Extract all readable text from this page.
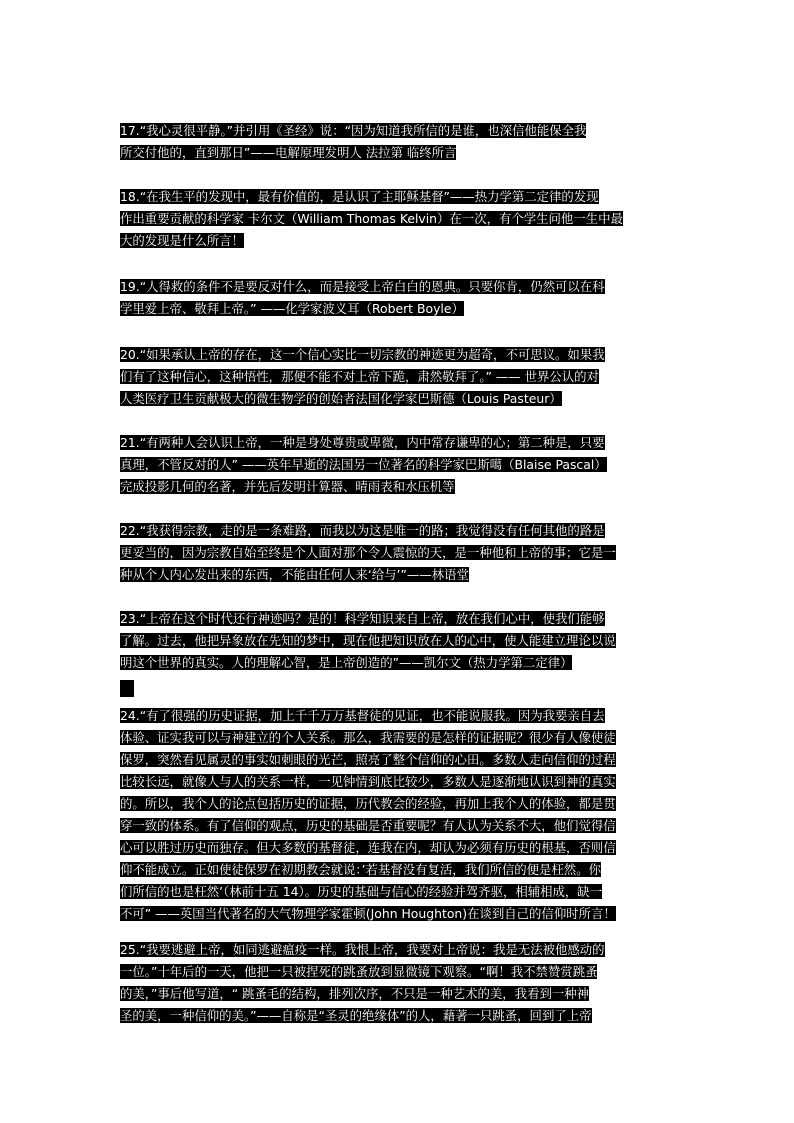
17.“我心灵很平静。”并引用《圣经》说：“因为知道我所信的是谁，也深信他能保全我
所交付他的，直到那日”——电解原理发明人 法拉第 临终所言
18.“在我生平的发现中，最有价值的，是认识了主耶稣基督”——热力学第二定律的发现
作出重要贡献的科学家 卡尔文（William Thomas Kelvin）在一次，有个学生问他一生中最
大的发现是什么所言！
19.“人得救的条件不是要反对什么，而是接受上帝白白的恩典。只要你肯，仍然可以在科
学里爱上帝、敬拜上帝。” ——化学家波义耳（Robert Boyle）
20.“如果承认上帝的存在，这一个信心实比一切宗教的神迹更为超奇，不可思议。如果我
们有了这种信心，这种悟性，那便不能不对上帝下跪，肃然敬拜了。” —— 世界公认的对
人类医疗卫生贡献极大的微生物学的创始者法国化学家巴斯德（Louis Pasteur）
21.“有两种人会认识上帝，一种是身处尊贵或卑微，内中常存谦卑的心；第二种是，只要
真理，不管反对的人” ——英年早逝的法国另一位著名的科学家巴斯噶（Blaise Pascal）
完成投影几何的名著，并先后发明计算器、晴雨表和水压机等
22.“我获得宗教，走的是一条难路，而我以为这是唯一的路；我觉得没有任何其他的路是
更妥当的，因为宗教自始至终是个人面对那个令人震惊的天，是一种他和上帝的事；它是一
种从个人内心发出来的东西，不能由任何人来‘给与’”——林语堂
23.“上帝在这个时代还行神迹吗？是的！科学知识来自上帝，放在我们心中，使我们能够
了解。过去，他把异象放在先知的梦中，现在他把知识放在人的心中，使人能建立理论以说
明这个世界的真实。人的理解心智，是上帝创造的”——凯尔文（热力学第二定律）
24.“有了很强的历史证据，加上千千万万基督徒的见证，也不能说服我。因为我要亲自去
体验、证实我可以与神建立的个人关系。那么，我需要的是怎样的证据呢？很少有人像使徒
保罗，突然看见属灵的事实如刺眼的光芒，照亮了整个信仰的心田。多数人走向信仰的过程
比较长远，就像人与人的关系一样，一见钟情到底比较少，多数人是逐渐地认识到神的真实
的。所以，我个人的论点包括历史的证据，历代教会的经验，再加上我个人的体验，都是贯
穿一致的体系。有了信仰的观点，历史的基础是否重要呢？有人认为关系不大，他们觉得信
心可以胜过历史而独存。但大多数的基督徒，连我在内，却认为必须有历史的根基，否则信
仰不能成立。正如使徒保罗在初期教会就说：’若基督没有复活，我们所信的便是枉然。你
们所信的也是枉然’（林前十五 14）。历史的基础与信心的经验并驾齐驱，相辅相成，缺一
不可” ——英国当代著名的大气物理学家霍顿(John Houghton)在谈到自己的信仰时所言！
25.“我要逃避上帝，如同逃避瘟疫一样。我恨上帝，我要对上帝说：我是无法被他感动的
一位。”十年后的一天，他把一只被捏死的跳蚤放到显微镜下观察。“啊！我不禁赞赏跳蚤
的美，”事后他写道，“ 跳蚤毛的结构，排列次序，不只是一种艺术的美，我看到一种神
圣的美，一种信仰的美。”——自称是“圣灵的绝缘体”的人，藉著一只跳蚤，回到了上帝
